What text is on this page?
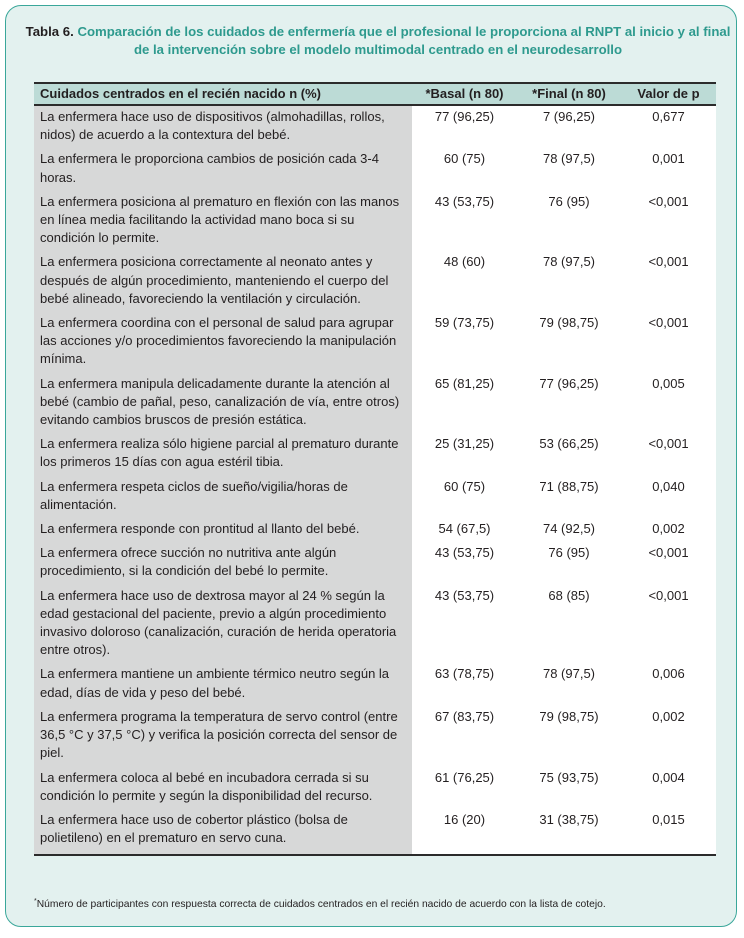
Tabla 6. Comparación de los cuidados de enfermería que el profesional le proporciona al RNPT al inicio y al final de la intervención sobre el modelo multimodal centrado en el neurodesarrollo
Cuidados centrados en el recién nacido n (%)	*Basal (n 80)	*Final (n 80)	Valor de p
La enfermera hace uso de dispositivos (almohadillas, rollos, nidos) de acuerdo a la contextura del bebé.	77 (96,25)	7 (96,25)	0,677
La enfermera le proporciona cambios de posición cada 3-4 horas.	60 (75)	78 (97,5)	0,001
La enfermera posiciona al prematuro en flexión con las manos en línea media facilitando la actividad mano boca si su condición lo permite.	43 (53,75)	76 (95)	<0,001
La enfermera posiciona correctamente al neonato antes y después de algún procedimiento, manteniendo el cuerpo del bebé alineado, favoreciendo la ventilación y circulación.	48 (60)	78 (97,5)	<0,001
La enfermera coordina con el personal de salud para agrupar las acciones y/o procedimientos favoreciendo la manipulación mínima.	59 (73,75)	79 (98,75)	<0,001
La enfermera manipula delicadamente durante la atención al bebé (cambio de pañal, peso, canalización de vía, entre otros) evitando cambios bruscos de presión estática.	65 (81,25)	77 (96,25)	0,005
La enfermera realiza sólo higiene parcial al prematuro durante los primeros 15 días con agua estéril tibia.	25 (31,25)	53 (66,25)	<0,001
La enfermera respeta ciclos de sueño/vigilia/horas de alimentación.	60 (75)	71 (88,75)	0,040
La enfermera responde con prontitud al llanto del bebé.	54 (67,5)	74 (92,5)	0,002
La enfermera ofrece succión no nutritiva ante algún procedimiento, si la condición del bebé lo permite.	43 (53,75)	76 (95)	<0,001
La enfermera hace uso de dextrosa mayor al 24 % según la edad gestacional del paciente, previo a algún procedimiento invasivo doloroso (canalización, curación de herida operatoria entre otros).	43 (53,75)	68 (85)	<0,001
La enfermera mantiene un ambiente térmico neutro según la edad, días de vida y peso del bebé.	63 (78,75)	78 (97,5)	0,006
La enfermera programa la temperatura de servo control (entre 36,5 °C y 37,5 °C) y verifica la posición correcta del sensor de piel.	67 (83,75)	79 (98,75)	0,002
La enfermera coloca al bebé en incubadora cerrada si su condición lo permite y según la disponibilidad del recurso.	61 (76,25)	75 (93,75)	0,004
La enfermera hace uso de cobertor plástico (bolsa de polietileno) en el prematuro en servo cuna.	16 (20)	31 (38,75)	0,015

*Número de participantes con respuesta correcta de cuidados centrados en el recién nacido de acuerdo con la lista de cotejo.
